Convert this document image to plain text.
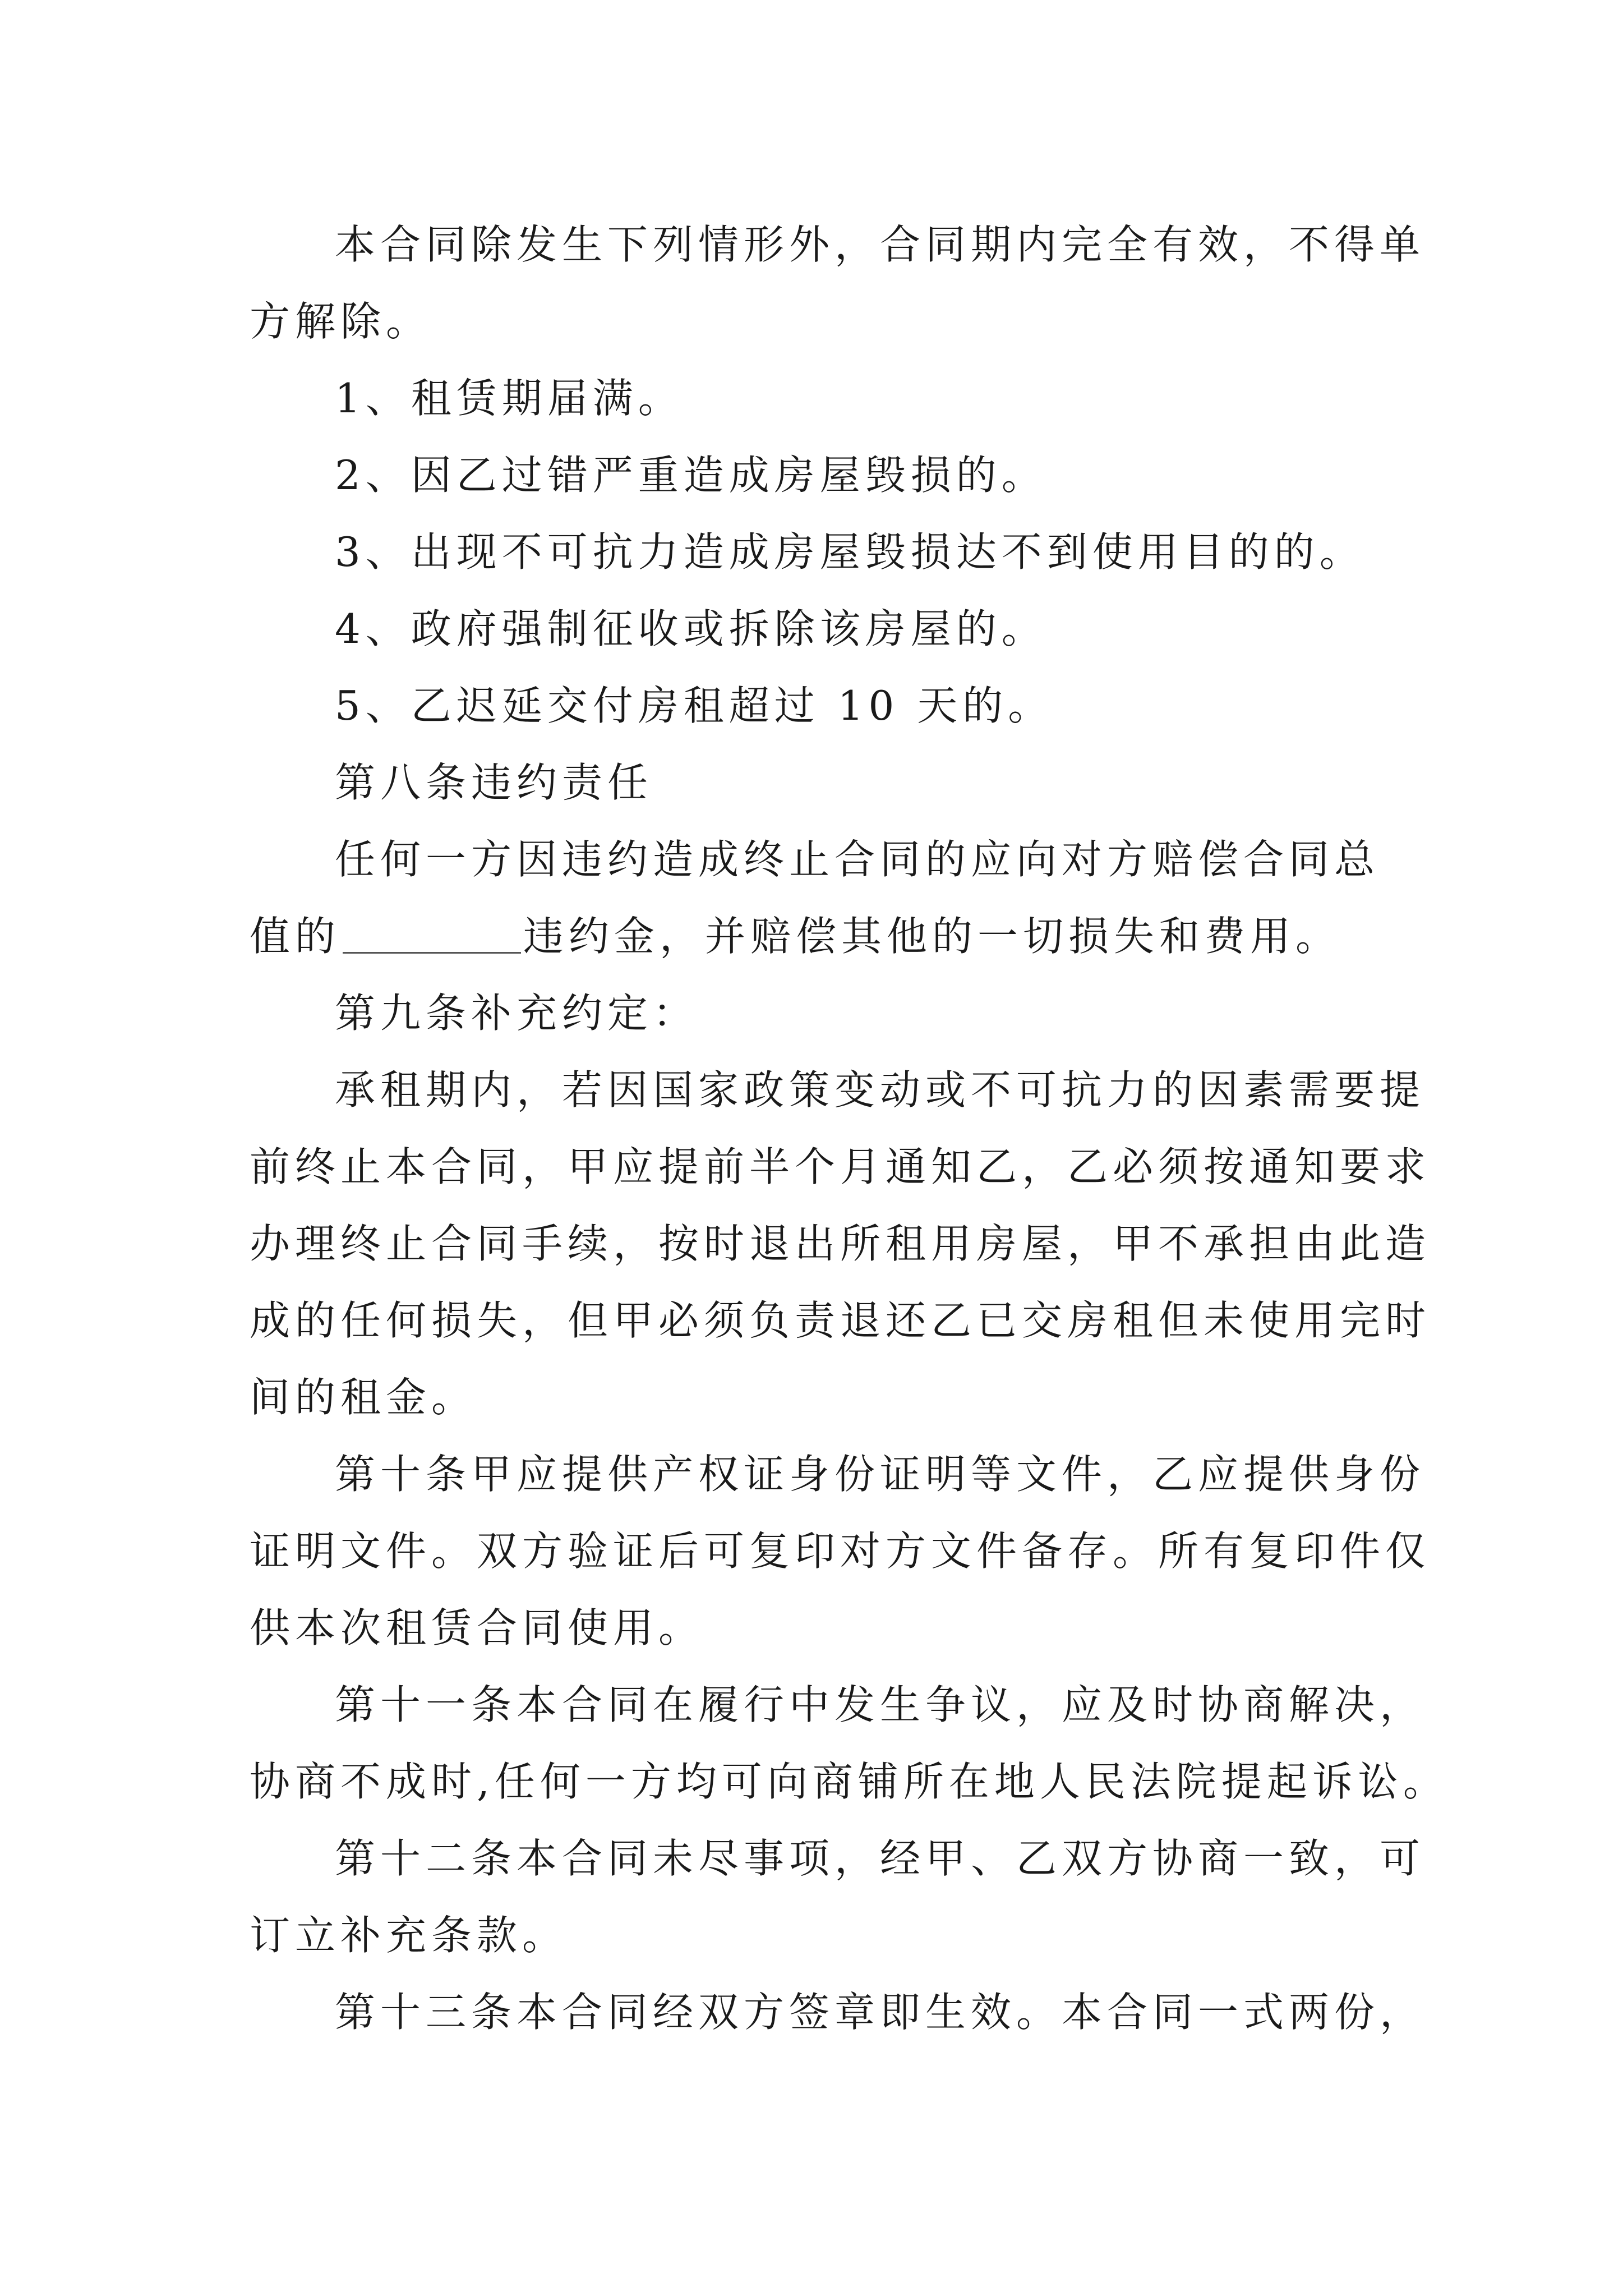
本合同除发生下列情形外，合同期内完全有效，不得单
方解除。
1、租赁期届满。
2、因乙过错严重造成房屋毁损的。
3、出现不可抗力造成房屋毁损达不到使用目的的。
4、政府强制征收或拆除该房屋的。
5、乙迟延交付房租超过 10 天的。
第八条违约责任
任何一方因违约造成终止合同的应向对方赔偿合同总
值的	违约金，并赔偿其他的一切损失和费用。
第九条补充约定：
承租期内，若因国家政策变动或不可抗力的因素需要提
前终止本合同，甲应提前半个月通知乙，乙必须按通知要求
办理终止合同手续，按时退出所租用房屋，甲不承担由此造
成的任何损失，但甲必须负责退还乙已交房租但未使用完时
间的租金。
第十条甲应提供产权证身份证明等文件，乙应提供身份
证明文件。双方验证后可复印对方文件备存。所有复印件仅
供本次租赁合同使用。
第十一条本合同在履行中发生争议，应及时协商解决，
协商不成时,任何一方均可向商铺所在地人民法院提起诉讼。
第十二条本合同未尽事项，经甲、乙双方协商一致，可
订立补充条款。
第十三条本合同经双方签章即生效。本合同一式两份，
